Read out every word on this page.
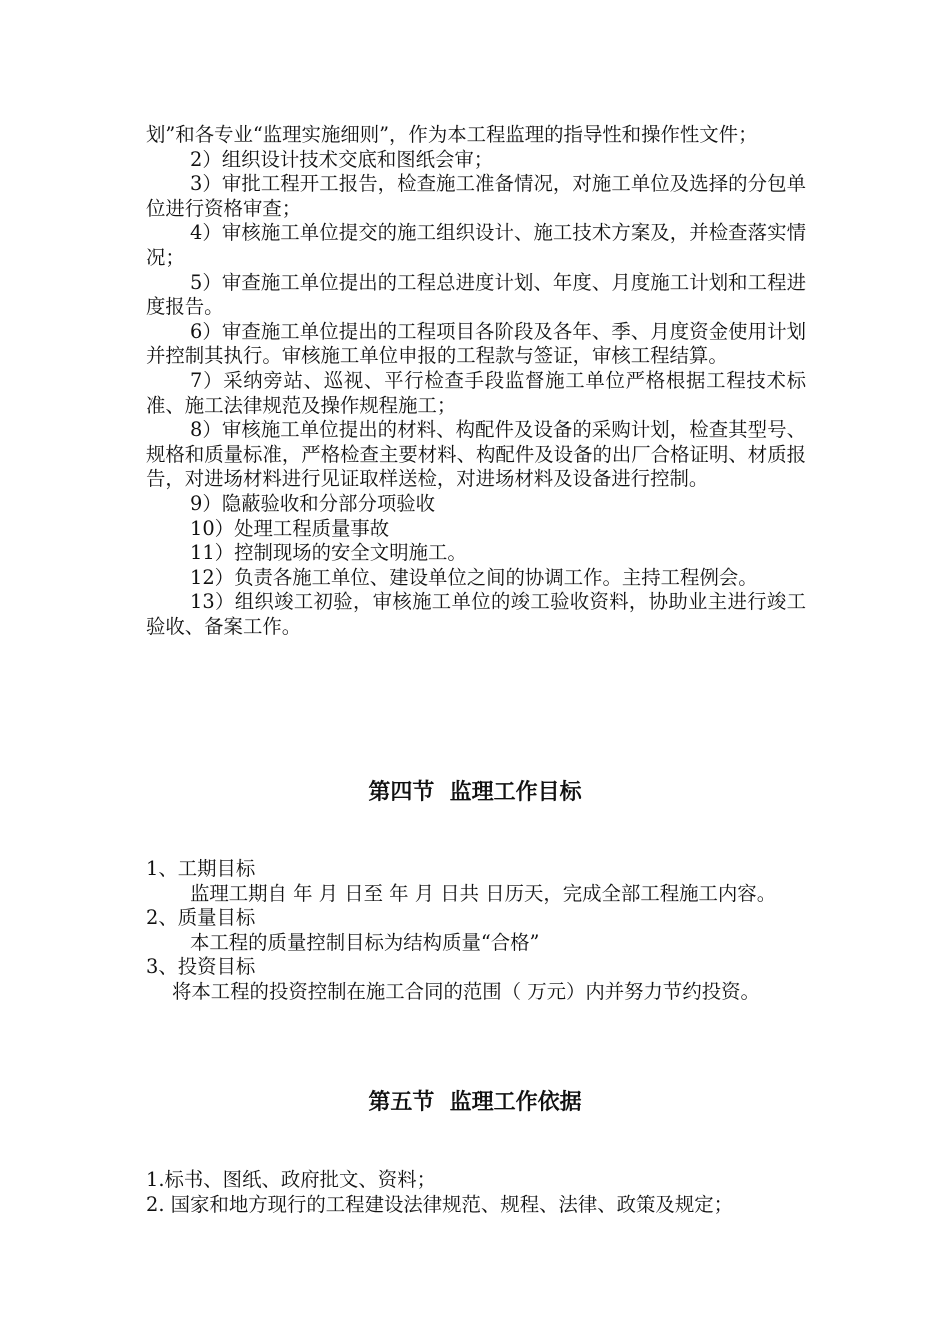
划”和各专业“监理实施细则”，作为本工程监理的指导性和操作性文件；

2）组织设计技术交底和图纸会审；

3）审批工程开工报告，检查施工准备情况，对施工单位及选择的分包单位进行资格审查；

4）审核施工单位提交的施工组织设计、施工技术方案及，并检查落实情况；

5）审查施工单位提出的工程总进度计划、年度、月度施工计划和工程进度报告。

6）审查施工单位提出的工程项目各阶段及各年、季、月度资金使用计划并控制其执行。审核施工单位申报的工程款与签证，审核工程结算。

7）采纳旁站、巡视、平行检查手段监督施工单位严格根据工程技术标准、施工法律规范及操作规程施工；

8）审核施工单位提出的材料、构配件及设备的采购计划，检查其型号、规格和质量标准，严格检查主要材料、构配件及设备的出厂合格证明、材质报告，对进场材料进行见证取样送检，对进场材料及设备进行控制。

9）隐蔽验收和分部分项验收

10）处理工程质量事故

11）控制现场的安全文明施工。

12）负责各施工单位、建设单位之间的协调工作。主持工程例会。

13）组织竣工初验，审核施工单位的竣工验收资料，协助业主进行竣工验收、备案工作。

第四节  监理工作目标

1、工期目标

监理工期自 年 月 日至 年 月 日共 日历天，完成全部工程施工内容。

2、质量目标

本工程的质量控制目标为结构质量“合格”

3、投资目标

将本工程的投资控制在施工合同的范围（ 万元）内并努力节约投资。

第五节  监理工作依据

1.标书、图纸、政府批文、资料；

2. 国家和地方现行的工程建设法律规范、规程、法律、政策及规定；
